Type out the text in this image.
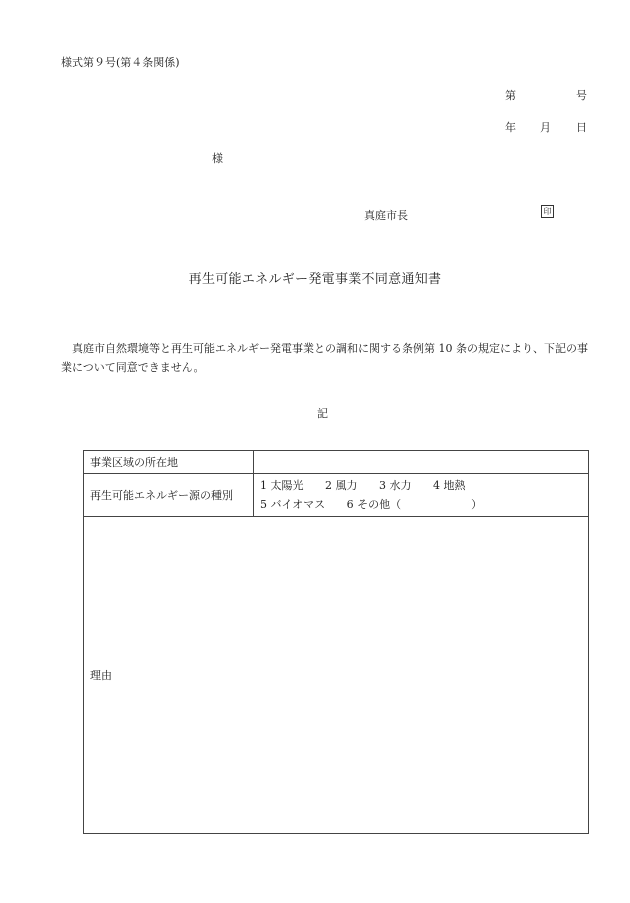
様式第９号(第４条関係)
第	号
年 月 日
様
真庭市長	印
再生可能エネルギー発電事業不同意通知書
真庭市自然環境等と再生可能エネルギー発電事業との調和に関する条例第 10 条の規定により、下記の事業について同意できません。
記
事業区域の所在地	
再生可能エネルギー源の種別	1 太陽光 2 風力 3 水力 4 地熱
5 バイオマス 6 その他（ ）

理由	
